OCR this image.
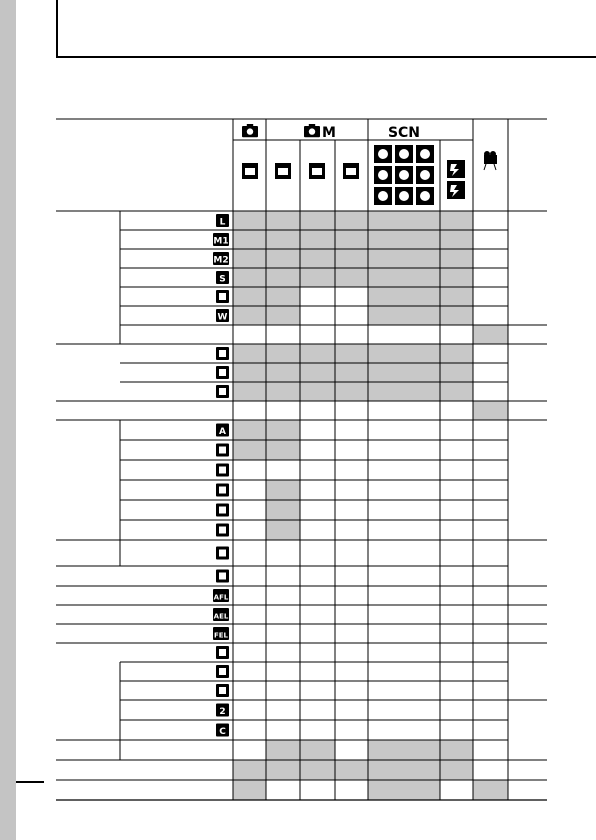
M	SCN
L
M1
M2
S
W
A
AFL
AEL
FEL
2
C
